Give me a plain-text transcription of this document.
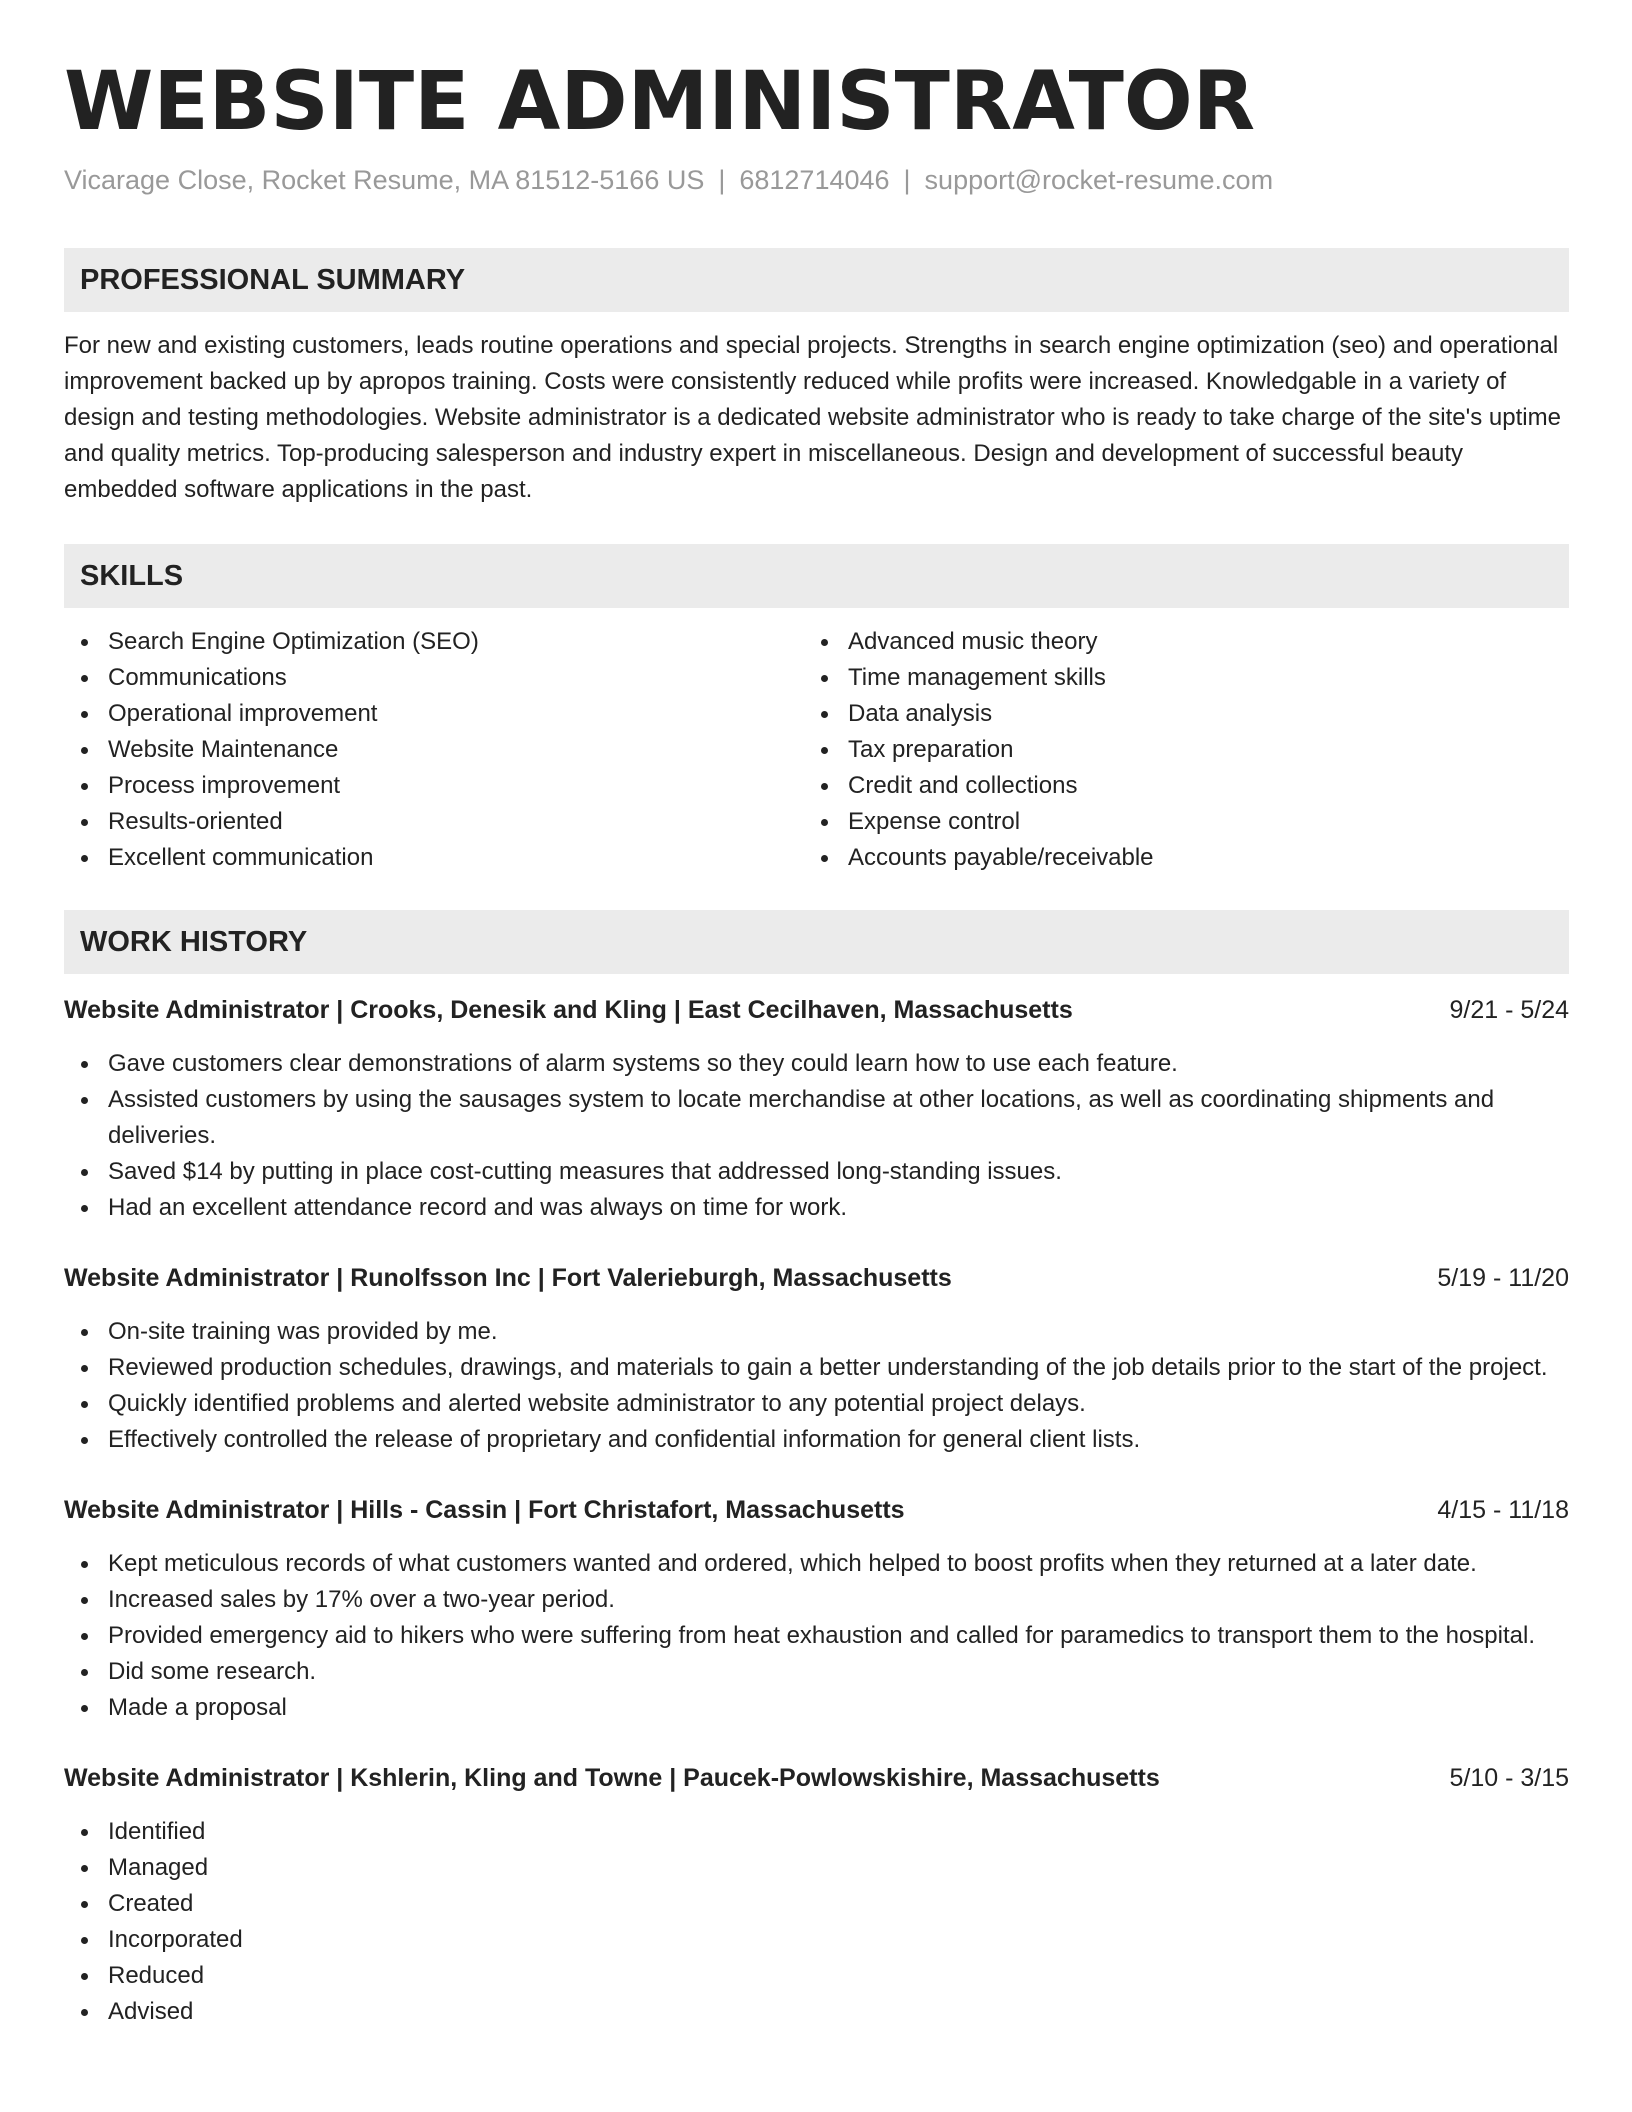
WEBSITE ADMINISTRATOR
Vicarage Close, Rocket Resume, MA 81512-5166 US | 6812714046 | support@rocket-resume.com
PROFESSIONAL SUMMARY
For new and existing customers, leads routine operations and special projects. Strengths in search engine optimization (seo) and operational improvement backed up by apropos training. Costs were consistently reduced while profits were increased. Knowledgable in a variety of design and testing methodologies. Website administrator is a dedicated website administrator who is ready to take charge of the site's uptime and quality metrics. Top-producing salesperson and industry expert in miscellaneous. Design and development of successful beauty embedded software applications in the past.
SKILLS
Search Engine Optimization (SEO)
Communications
Operational improvement
Website Maintenance
Process improvement
Results-oriented
Excellent communication
Advanced music theory
Time management skills
Data analysis
Tax preparation
Credit and collections
Expense control
Accounts payable/receivable
WORK HISTORY
Website Administrator | Crooks, Denesik and Kling | East Cecilhaven, Massachusetts	9/21 - 5/24
Gave customers clear demonstrations of alarm systems so they could learn how to use each feature.
Assisted customers by using the sausages system to locate merchandise at other locations, as well as coordinating shipments and deliveries.
Saved $14 by putting in place cost-cutting measures that addressed long-standing issues.
Had an excellent attendance record and was always on time for work.
Website Administrator | Runolfsson Inc | Fort Valerieburgh, Massachusetts	5/19 - 11/20
On-site training was provided by me.
Reviewed production schedules, drawings, and materials to gain a better understanding of the job details prior to the start of the project.
Quickly identified problems and alerted website administrator to any potential project delays.
Effectively controlled the release of proprietary and confidential information for general client lists.
Website Administrator | Hills - Cassin | Fort Christafort, Massachusetts	4/15 - 11/18
Kept meticulous records of what customers wanted and ordered, which helped to boost profits when they returned at a later date.
Increased sales by 17% over a two-year period.
Provided emergency aid to hikers who were suffering from heat exhaustion and called for paramedics to transport them to the hospital.
Did some research.
Made a proposal
Website Administrator | Kshlerin, Kling and Towne | Paucek-Powlowskishire, Massachusetts	5/10 - 3/15
Identified
Managed
Created
Incorporated
Reduced
Advised
